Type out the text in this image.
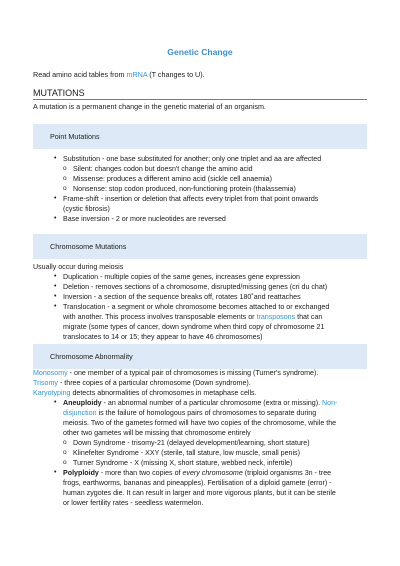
Genetic Change
Read amino acid tables from mRNA (T changes to U).
MUTATIONS
A mutation is a permanent change in the genetic material of an organism.
Point Mutations
• Substitution - one base substituted for another; only one triplet and aa are affected
o Silent: changes codon but doesn't change the amino acid
o Missense: produces a different amino acid (sickle cell anaemia)
o Nonsense: stop codon produced, non-functioning protein (thalassemia)
• Frame-shift - insertion or deletion that affects every triplet from that point onwards
(cystic fibrosis)
• Base inversion - 2 or more nucleotides are reversed
Chromosome Mutations
Usually occur during meiosis
• Duplication - multiple copies of the same genes, increases gene expression
• Deletion - removes sections of a chromosome, disrupted/missing genes (cri du chat)
• Inversion - a section of the sequence breaks off, rotates 180˚and reattaches
• Translocation - a segment or whole chromosome becomes attached to or exchanged
with another. This process involves transposable elements or transposons that can
migrate (some types of cancer, down syndrome when third copy of chromosome 21
translocates to 14 or 15; they appear to have 46 chromosomes)
Chromosome Abnormality
Monosomy - one member of a typical pair of chromosomes is missing (Turner's syndrome).
Trisomy - three copies of a particular chromosome (Down syndrome).
Karyotyping detects abnormalities of chromosomes in metaphase cells.
• Aneuploidy - an abnormal number of a particular chromosome (extra or missing). Non-
disjunction is the failure of homologous pairs of chromosomes to separate during
meiosis. Two of the gametes formed will have two copies of the chromosome, while the
other two gametes will be missing that chromosome entirely
o Down Syndrome - trisomy-21 (delayed development/learning, short stature)
o Klinefelter Syndrome - XXY (sterile, tall stature, low muscle, small penis)
o Turner Syndrome - X (missing X, short stature, webbed neck, infertile)
• Polyploidy - more than two copies of every chromosome (triploid organisms 3n - tree
frogs, earthworms, bananas and pineapples). Fertilisation of a diploid gamete (error) -
human zygotes die. It can result in larger and more vigorous plants, but it can be sterile
or lower fertility rates - seedless watermelon.
